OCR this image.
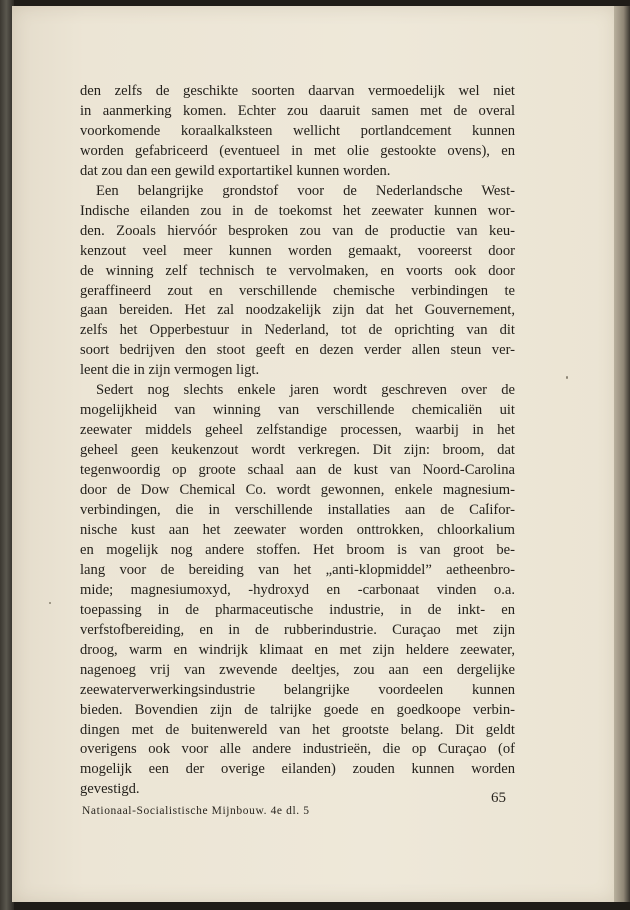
den zelfs de geschikte soorten daarvan vermoedelijk wel niet
in aanmerking komen. Echter zou daaruit samen met de overal
voorkomende koraalkalksteen wellicht portlandcement kunnen
worden gefabriceerd (eventueel in met olie gestookte ovens), en
dat zou dan een gewild exportartikel kunnen worden.
Een belangrijke grondstof voor de Nederlandsche West-
Indische eilanden zou in de toekomst het zeewater kunnen wor-
den. Zooals hiervóór besproken zou van de productie van keu-
kenzout veel meer kunnen worden gemaakt, vooreerst door
de winning zelf technisch te vervolmaken, en voorts ook door
geraffineerd zout en verschillende chemische verbindingen te
gaan bereiden. Het zal noodzakelijk zijn dat het Gouvernement,
zelfs het Opperbestuur in Nederland, tot de oprichting van dit
soort bedrijven den stoot geeft en dezen verder allen steun ver-
leent die in zijn vermogen ligt.
Sedert nog slechts enkele jaren wordt geschreven over de
mogelijkheid van winning van verschillende chemicaliën uit
zeewater middels geheel zelfstandige processen, waarbij in het
geheel geen keukenzout wordt verkregen. Dit zijn: broom, dat
tegenwoordig op groote schaal aan de kust van Noord-Carolina
door de Dow Chemical Co. wordt gewonnen, enkele magnesium-
verbindingen, die in verschillende installaties aan de Califor-
nische kust aan het zeewater worden onttrokken, chloorkalium
en mogelijk nog andere stoffen. Het broom is van groot be-
lang voor de bereiding van het „anti-klopmiddel” aetheenbro-
mide; magnesiumoxyd, -hydroxyd en -carbonaat vinden o.a.
toepassing in de pharmaceutische industrie, in de inkt- en
verfstofbereiding, en in de rubberindustrie. Curaçao met zijn
droog, warm en windrijk klimaat en met zijn heldere zeewater,
nagenoeg vrij van zwevende deeltjes, zou aan een dergelijke
zeewaterverwerkingsindustrie belangrijke voordeelen kunnen
bieden. Bovendien zijn de talrijke goede en goedkoope verbin-
dingen met de buitenwereld van het grootste belang. Dit geldt
overigens ook voor alle andere industrieën, die op Curaçao (of
mogelijk een der overige eilanden) zouden kunnen worden
gevestigd.
Nationaal-Socialistische Mijnbouw. 4e dl. 5
65
